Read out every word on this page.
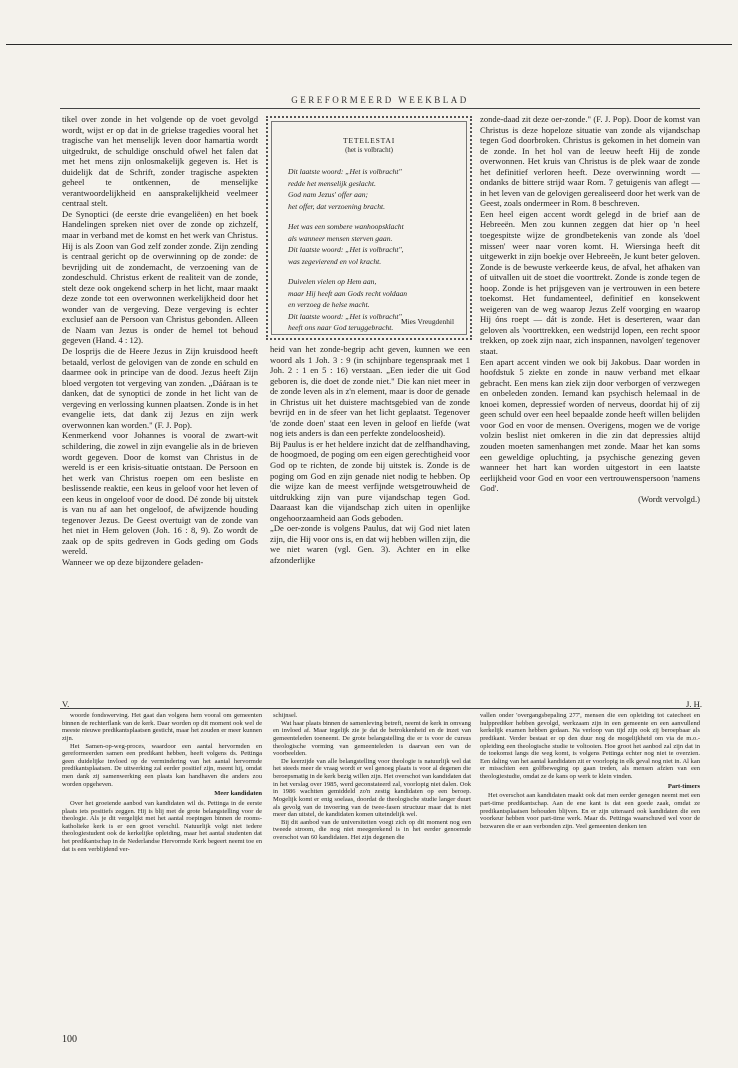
GEREFORMEERD WEEKBLAD

tikel over zonde in het volgende op de voet gevolgd wordt, wijst er op dat in de griekse tragedies vooral het tragische van het menselijk leven door hamartia wordt uitgedrukt, de schuldige onschuld ofwel het falen dat met het mens zijn onlosmakelijk gegeven is. Het is duidelijk dat de Schrift, zonder tragische aspekten geheel te ontkennen, de menselijke verantwoordelijkheid en aansprakelijkheid veelmeer centraal stelt.

De Synoptici (de eerste drie evangeliëen) en het boek Handelingen spreken niet over de zonde op zichzelf, maar in verband met de komst en het werk van Christus. Hij is als Zoon van God zelf zonder zonde. Zijn zending is centraal gericht op de overwinning op de zonde: de bevrijding uit de zondemacht, de verzoening van de zondeschuld. Christus erkent de realiteit van de zonde, stelt deze ook ongekend scherp in het licht, maar maakt deze zonde tot een overwonnen werkelijkheid door het wonder van de vergeving. Deze vergeving is echter exclusief aan de Persoon van Christus gebonden. Alleen de Naam van Jezus is onder de hemel tot behoud gegeven (Hand. 4 : 12).

De losprijs die de Heere Jezus in Zijn kruisdood heeft betaald, verlost de gelovigen van de zonde en schuld en daarmee ook in principe van de dood. Jezus heeft Zijn bloed vergoten tot vergeving van zonden. „Dááraan is te danken, dat de synoptici de zonde in het licht van de vergeving en verlossing kunnen plaatsen. Zonde is in het evangelie iets, dat dank zij Jezus en zijn werk overwonnen kan worden." (F. J. Pop).

Kenmerkend voor Johannes is vooral de zwart-wit schildering, die zowel in zijn evangelie als in de brieven wordt gegeven. Door de komst van Christus in de wereld is er een krisis-situatie ontstaan. De Persoon en het werk van Christus roepen om een besliste en beslissende reaktie, een keus in geloof voor het leven of een keus in ongeloof voor de dood. Dé zonde bij uitstek is van nu af aan het ongeloof, de afwijzende houding tegenover Jezus. De Geest overtuigt van de zonde van het niet in Hem geloven (Joh. 16 : 8, 9). Zo wordt de zaak op de spits gedreven in Gods geding om Gods wereld.

Wanneer we op deze bijzondere geladen-

TETELESTAI
(het is volbracht)
Dit laatste woord: „Het is volbracht"
redde het menselijk geslacht.
God nam Jezus' offer aan;
het offer, dat verzoening bracht.
Het was een sombere wanhoopsklacht
als wanneer mensen sterven gaan.
Dit laatste woord: „Het is volbracht",
was zegevierend en vol kracht.
Duivelen vielen op Hem aan,
maar Hij heeft aan Gods recht voldaan
en verzoeg de helse macht.
Dit laatste woord: „Het is volbracht"
heeft ons naar God teruggebracht.
Mies Vreugdenhil

heid van het zonde-begrip acht geven, kunnen we een woord als 1 Joh. 3 : 9 (in schijnbare tegenspraak met 1 Joh. 2 : 1 en 5 : 16) verstaan. „Een ieder die uit God geboren is, die doet de zonde niet." Die kan niet meer in de zonde leven als in z'n element, maar is door de genade in Christus uit het duistere machtsgebied van de zonde bevrijd en in de sfeer van het licht geplaatst. Tegenover 'de zonde doen' staat een leven in geloof en liefde (wat nog iets anders is dan een perfekte zondeloosheid).

Bij Paulus is er het heldere inzicht dat de zelfhandhaving, de hoogmoed, de poging om een eigen gerechtigheid voor God op te richten, de zonde bij uitstek is. Zonde is de poging om God en zijn genade niet nodig te hebben. Op die wijze kan de meest verfijnde wetsgetrouwheid de uitdrukking zijn van pure vijandschap tegen God. Daaraast kan die vijandschap zich uiten in openlijke ongehoorzaamheid aan Gods geboden.

„De oer-zonde is volgens Paulus, dat wij God niet laten zijn, die Hij voor ons is, en dat wij hebben willen zijn, die we niet waren (vgl. Gen. 3). Achter en in elke afzonderlijke

zonde-daad zit deze oer-zonde." (F. J. Pop). Door de komst van Christus is deze hopeloze situatie van zonde als vijandschap tegen God doorbroken. Christus is gekomen in het domein van de zonde. In het hol van de leeuw heeft Hij de zonde overwonnen. Het kruis van Christus is de plek waar de zonde het definitief verloren heeft. Deze overwinning wordt — ondanks de bittere strijd waar Rom. 7 getuigenis van aflegt — in het leven van de gelovigen gerealiseerd door het werk van de Geest, zoals ondermeer in Rom. 8 beschreven.

Een heel eigen accent wordt gelegd in de brief aan de Hebreeën. Men zou kunnen zeggen dat hier op 'n heel toegespitste wijze de grondbetekenis van zonde als 'doel missen' weer naar voren komt. H. Wiersinga heeft dit uitgewerkt in zijn boekje over Hebreeën, Je kunt beter geloven. Zonde is de bewuste verkeerde keus, de afval, het afhaken van of uitvallen uit de stoet die voorttrekt. Zonde is zonde tegen de hoop. Zonde is het prijsgeven van je vertrouwen in een betere toekomst. Het fundamenteel, definitief en konsekwent weigeren van de weg waarop Jezus Zelf voorging en waarop Hij óns roept — dát is zonde. Het is deserteren, waar dan geloven als 'voorttrekken, een wedstrijd lopen, een recht spoor trekken, op zoek zijn naar, zich inspannen, navolgen' tegenover staat.

Een apart accent vinden we ook bij Jakobus. Daar worden in hoofdstuk 5 ziekte en zonde in nauw verband met elkaar gebracht. Een mens kan ziek zijn door verborgen of verzwegen en onbeleden zonden. Iemand kan psychisch helemaal in de knoei komen, depressief worden of nerveus, doordat hij of zij geen schuld over een heel bepaalde zonde heeft willen belijden voor God en voor de mensen. Overigens, mogen we de vorige volzin beslist niet omkeren in die zin dat depressies altijd zouden moeten samenhangen met zonde. Maar het kan soms een geweldige opluchting, ja psychische genezing geven wanneer het hart kan worden uitgestort in een laatste eerlijkheid voor God en voor een vertrouwenspersoon 'namens God'.

(Wordt vervolgd.)

V.	J. H.

woorde fondswerving. Het gaat dan volgens hem vooral om gemeenten binnen de rechterflank van de kerk. Daar worden op dit moment ook wel de meeste nieuwe predikantsplaatsen gesticht, maar het zouden er meer kunnen zijn.

Het Samen-op-weg-proces, waardoor een aantal hervormden en gereformeerden samen een predikant hebben, heeft volgens ds. Pettinga geen duidelijke invloed op de vermindering van het aantal hervormde predikantsplaatsen. De uitwerking zal eerder positief zijn, meent hij, omdat men dank zij samenwerking een plaats kan handhaven die anders zou worden opgeheven.

Meer kandidaten

Over het groeiende aanbod van kandidaten wil ds. Pettinga in de eerste plaats iets positiefs zeggen. Hij is blij met de grote belangstelling voor de theologie. Als je dit vergelijkt met het aantal roepingen binnen de rooms-katholieke kerk is er een groot verschil. Natuurlijk volgt niet iedere theologiestudent ook de kerkelijke opleiding, maar het aantal studenten dat het predikantschap in de Nederlandse Hervormde Kerk begeert neemt toe en dat is een verblijdend ver-

schijnsel.

Wat haar plaats binnen de samenleving betreft, neemt de kerk in omvang en invloed af. Maar tegelijk zie je dat de betrokkenheid en de inzet van gemeenteleden toeneemt. De grote belangstelling die er is voor de cursus theologische vorming van gemeenteleden is daarvan een van de voorbeelden.

De keerzijde van alle belangstelling voor theologie is natuurlijk wel dat het steeds meer de vraag wordt er wel genoeg plaats is voor al degenen die beroepsmatig in de kerk bezig willen zijn. Het overschot van kandidaten dat in het verslag over 1985, werd geconstateerd zal, voorlopig niet dalen. Ook in 1986 wachtten gemiddeld zo'n zestig kandidaten op een beroep. Mogelijk komt er enig soelaas, doordat de theologische studie langer duurt als gevolg van de invoering van de twee-fasen structuur maar dat is niet meer dan uitstel, de kandidaten komen uiteindelijk wel.

Bij dit aanbod van de universiteiten voegt zich op dit moment nog een tweede stroom, die nog niet meegerekend is in het eerder genoemde overschot van 60 kandidaten. Het zijn degenen die

vallen onder 'overgangsbepaling 277', mensen die een opleiding tot catecheet en hulpprediker hebben gevolgd, werkzaam zijn in een gemeente en een aanvullend kerkelijk examen hebben gedaan. Na verloop van tijd zijn ook zij beroepbaar als predikant. Verder bestaat er op den duur nog de mogelijkheid om via de m.o.-opleiding een theologische studie te voltooien. Hoe groot het aanbod zal zijn dat in de toekomst langs die weg komt, is volgens Pettinga echter nog niet te overzien. Een daling van het aantal kandidaten zit er voorlopig in elk geval nog niet in. Al kan er misschien een golfbeweging op gaan treden, als mensen afzien van een theologiestudie, omdat ze de kans op werk te klein vinden.

Part-timers

Het overschot aan kandidaten maakt ook dat men eerder genegen neemt met een part-time predikantschap. Aan de ene kant is dat een goede zaak, omdat ze predikantsplaatsen behouden blijven. En er zijn uiteraard ook kandidaten die een voorkeur hebben voor part-time werk. Maar ds. Pettinga waarschuwd wel voor de bezwaren die er aan verbonden zijn. Veel gemeenten denken ten

100
